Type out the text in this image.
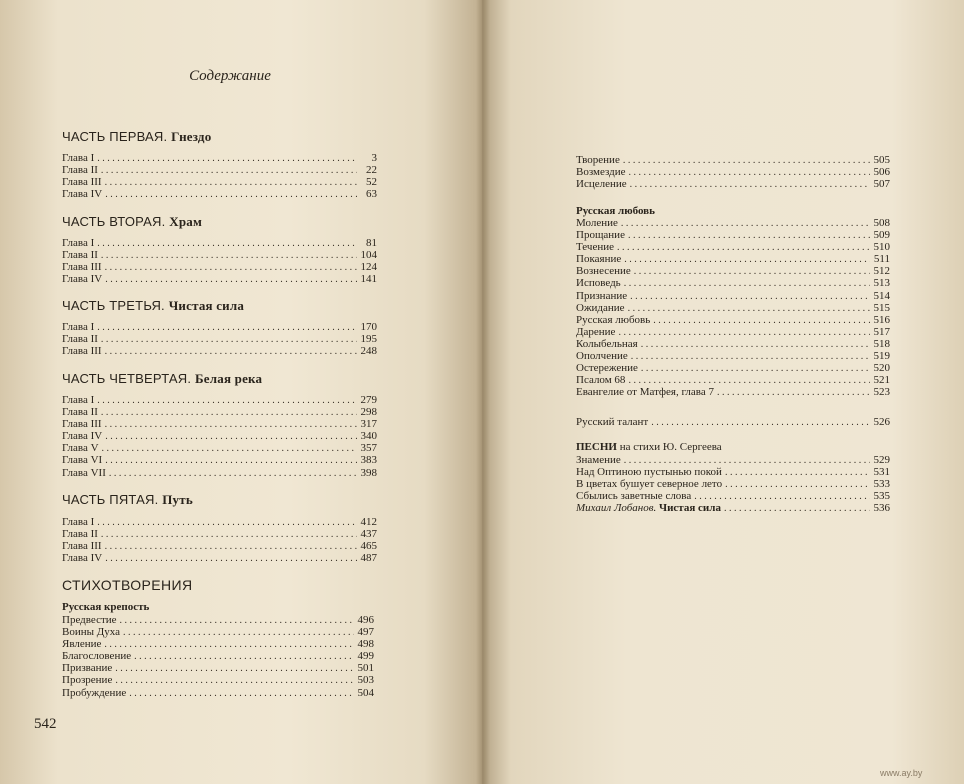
Содержание
ЧАСТЬ ПЕРВАЯ. Гнездо
Глава I . . .	3
Глава II . . .	22
Глава III . . .	52
Глава IV . . .	63
ЧАСТЬ ВТОРАЯ. Храм
Глава I . . .	81
Глава II . . .	104
Глава III . . .	124
Глава IV . . .	141
ЧАСТЬ ТРЕТЬЯ. Чистая сила
Глава I . . .	170
Глава II . . .	195
Глава III . . .	248
ЧАСТЬ ЧЕТВЕРТАЯ. Белая река
Глава I . . .	279
Глава II . . .	298
Глава III . . .	317
Глава IV . . .	340
Глава V . . .	357
Глава VI . . .	383
Глава VII . . .	398
ЧАСТЬ ПЯТАЯ. Путь
Глава I . . .	412
Глава II . . .	437
Глава III . . .	465
Глава IV . . .	487
СТИХОТВОРЕНИЯ
Русская крепость
Предвестие . . .	496
Воины Духа . . .	497
Явление . . .	498
Благословение . . .	499
Призвание . . .	501
Прозрение . . .	503
Пробуждение . . .	504
542
Творение . . .	505
Возмездие . . .	506
Исцеление . . .	507
Русская любовь
Моление . . .	508
Прощание . . .	509
Течение . . .	510
Покаяние . . .	511
Вознесение . . .	512
Исповедь . . .	513
Признание . . .	514
Ожидание . . .	515
Русская любовь . . .	516
Дарение . . .	517
Колыбельная . . .	518
Ополчение . . .	519
Остережение . . .	520
Псалом 68 . . .	521
Евангелие от Матфея, глава 7 . . .	523
Русский талант . . .	526
ПЕСНИ на стихи Ю. Сергеева
Знамение . . .	529
Над Оптиною пустынью покой . . .	531
В цветах бушует северное лето . . .	533
Сбылись заветные слова . . .	535
Михаил Лобанов. Чистая сила . . .	536
www.ay.by
